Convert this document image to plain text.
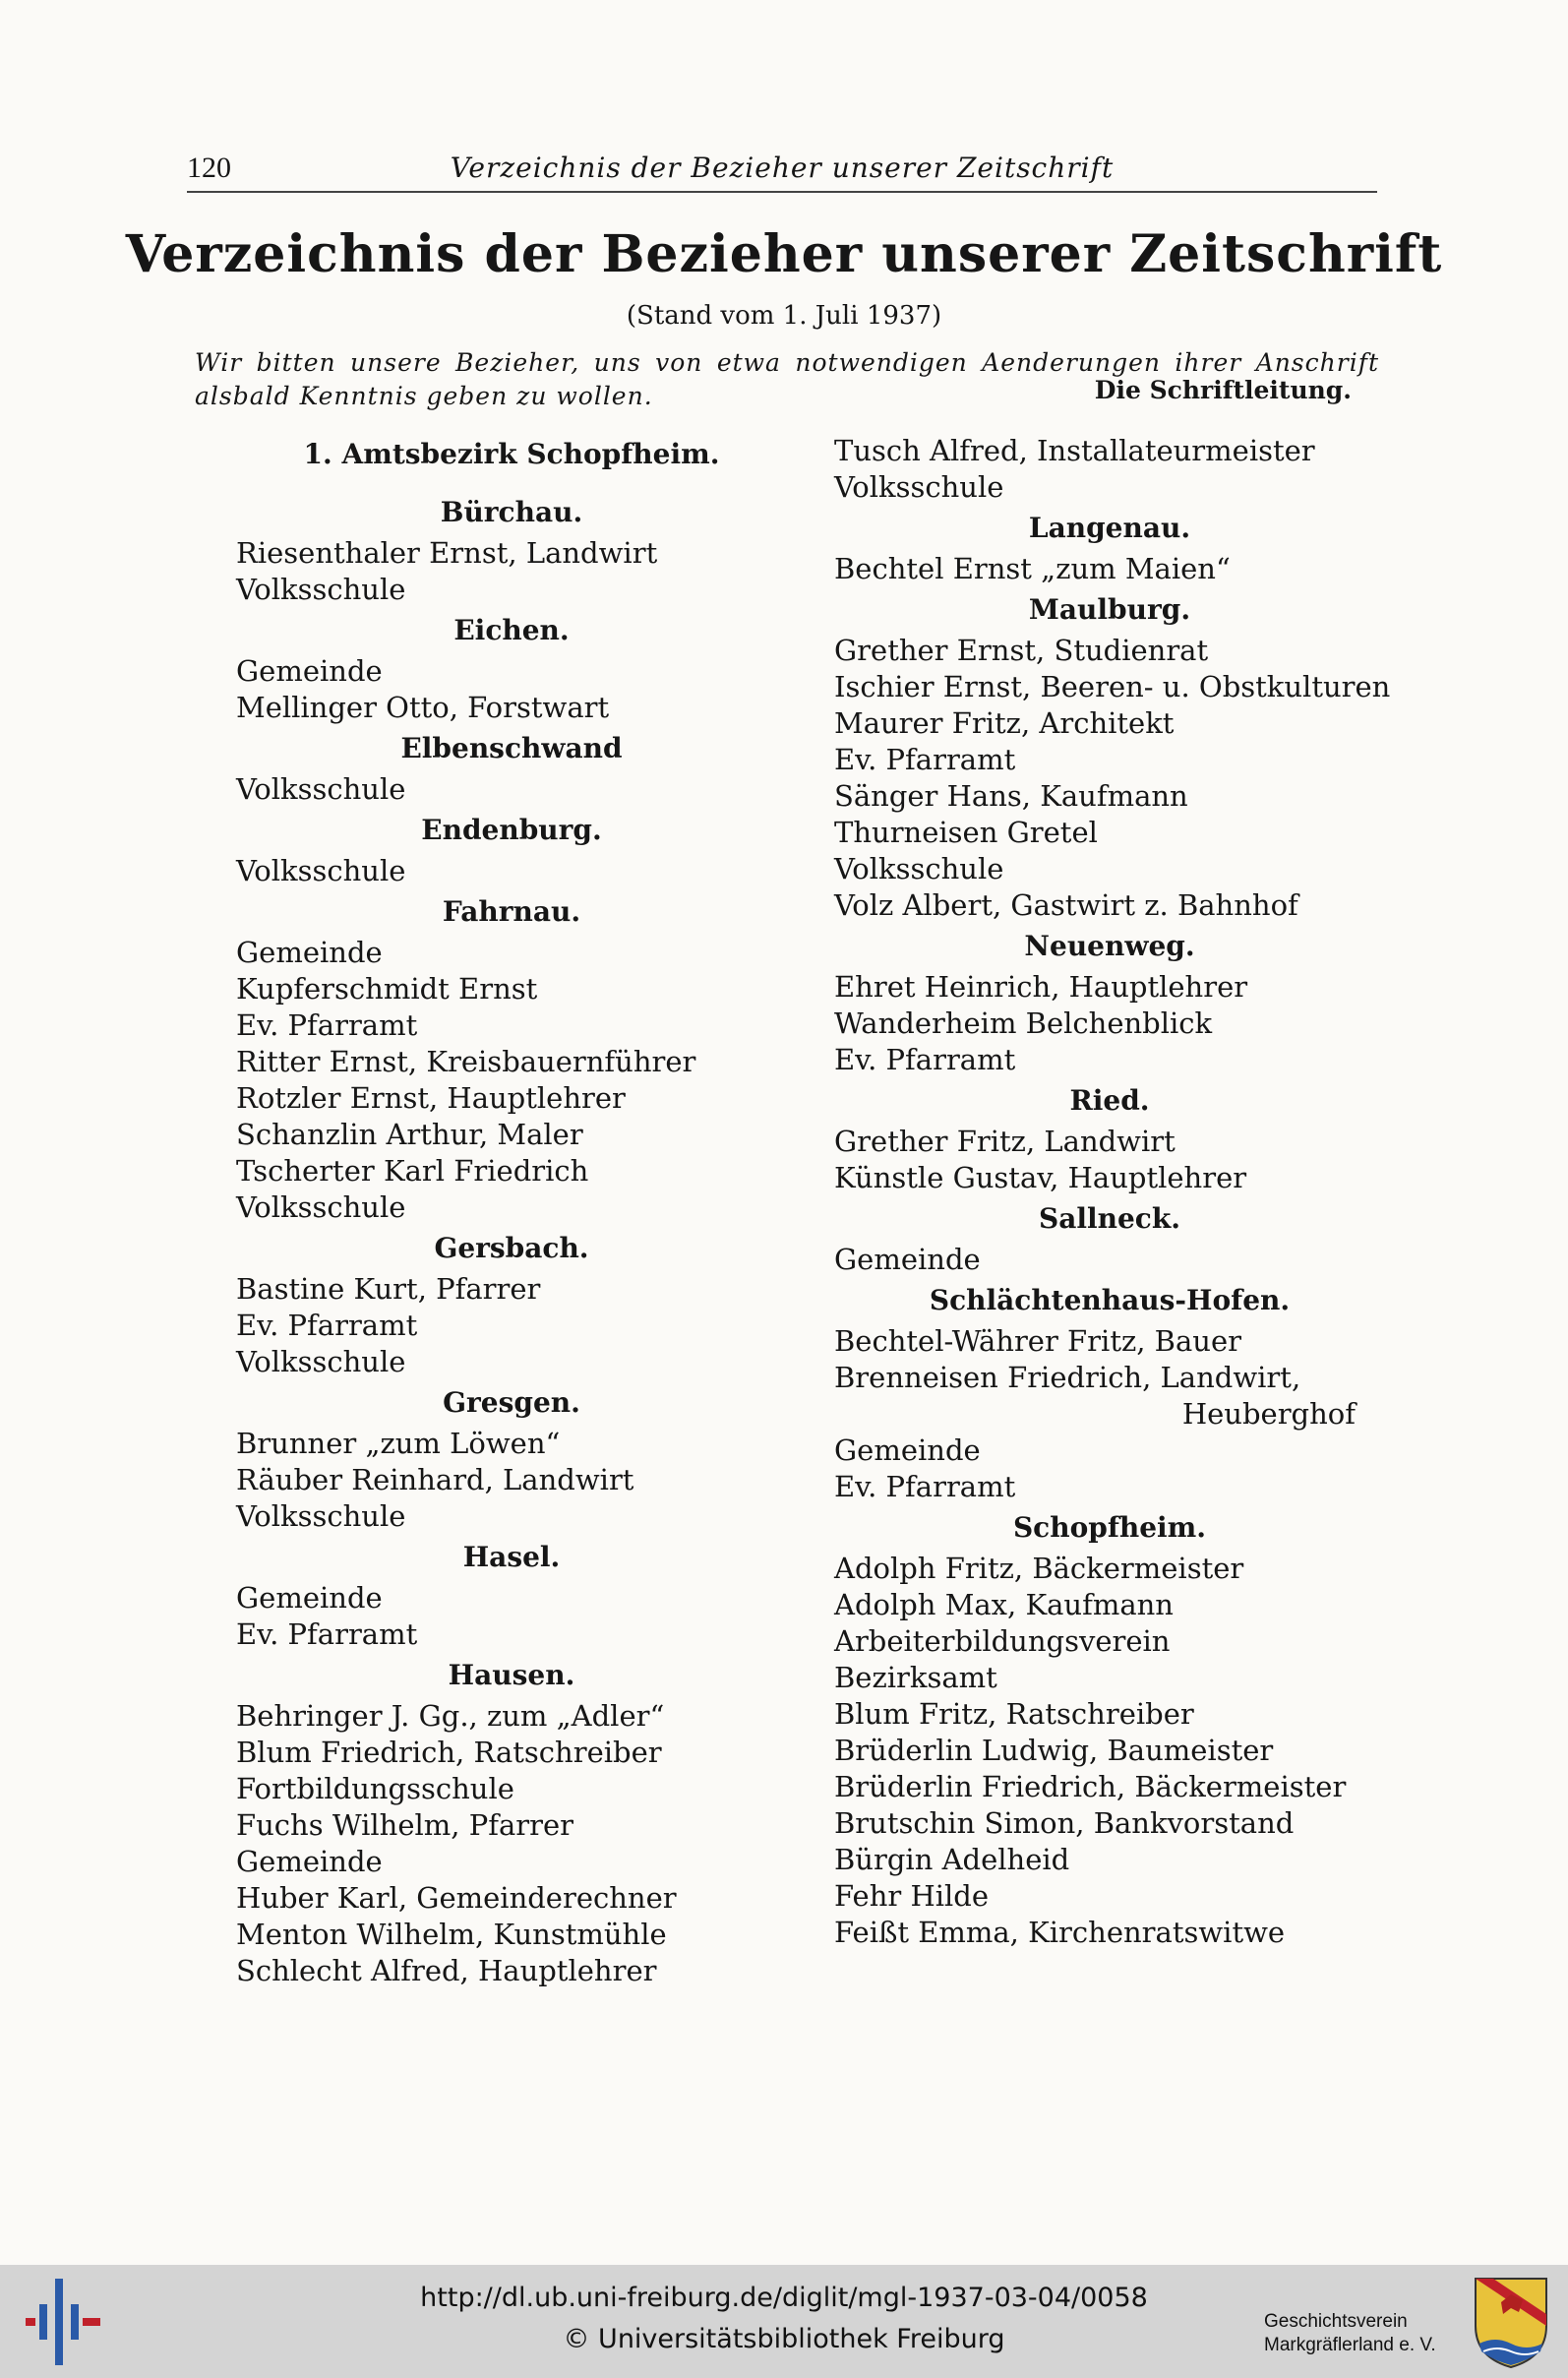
120	Verzeichnis der Bezieher unserer Zeitschrift
Verzeichnis der Bezieher unserer Zeitschrift
(Stand vom 1. Juli 1937)
Wir bitten unsere Bezieher, uns von etwa notwendigen Aenderungen ihrer Anschrift alsbald Kenntnis geben zu wollen.	Die Schriftleitung.
1. Amtsbezirk Schopfheim.
Bürchau.
Riesenthaler Ernst, Landwirt
Volksschule
Eichen.
Gemeinde
Mellinger Otto, Forstwart
Elbenschwand
Volksschule
Endenburg.
Volksschule
Fahrnau.
Gemeinde
Kupferschmidt Ernst
Ev. Pfarramt
Ritter Ernst, Kreisbauernführer
Rotzler Ernst, Hauptlehrer
Schanzlin Arthur, Maler
Tscherter Karl Friedrich
Volksschule
Gersbach.
Bastine Kurt, Pfarrer
Ev. Pfarramt
Volksschule
Gresgen.
Brunner „zum Löwen“
Räuber Reinhard, Landwirt
Volksschule
Hasel.
Gemeinde
Ev. Pfarramt
Hausen.
Behringer J. Gg., zum „Adler“
Blum Friedrich, Ratschreiber
Fortbildungsschule
Fuchs Wilhelm, Pfarrer
Gemeinde
Huber Karl, Gemeinderechner
Menton Wilhelm, Kunstmühle
Schlecht Alfred, Hauptlehrer
Tusch Alfred, Installateurmeister
Volksschule
Langenau.
Bechtel Ernst „zum Maien“
Maulburg.
Grether Ernst, Studienrat
Ischier Ernst, Beeren- u. Obstkulturen
Maurer Fritz, Architekt
Ev. Pfarramt
Sänger Hans, Kaufmann
Thurneisen Gretel
Volksschule
Volz Albert, Gastwirt z. Bahnhof
Neuenweg.
Ehret Heinrich, Hauptlehrer
Wanderheim Belchenblick
Ev. Pfarramt
Ried.
Grether Fritz, Landwirt
Künstle Gustav, Hauptlehrer
Sallneck.
Gemeinde
Schlächtenhaus-Hofen.
Bechtel-Währer Fritz, Bauer
Brenneisen Friedrich, Landwirt,
Heuberghof
Gemeinde
Ev. Pfarramt
Schopfheim.
Adolph Fritz, Bäckermeister
Adolph Max, Kaufmann
Arbeiterbildungsverein
Bezirksamt
Blum Fritz, Ratschreiber
Brüderlin Ludwig, Baumeister
Brüderlin Friedrich, Bäckermeister
Brutschin Simon, Bankvorstand
Bürgin Adelheid
Fehr Hilde
Feißt Emma, Kirchenratswitwe
http://dl.ub.uni-freiburg.de/diglit/mgl-1937-03-04/0058
© Universitätsbibliothek Freiburg
Geschichtsverein
Markgräflerland e. V.
